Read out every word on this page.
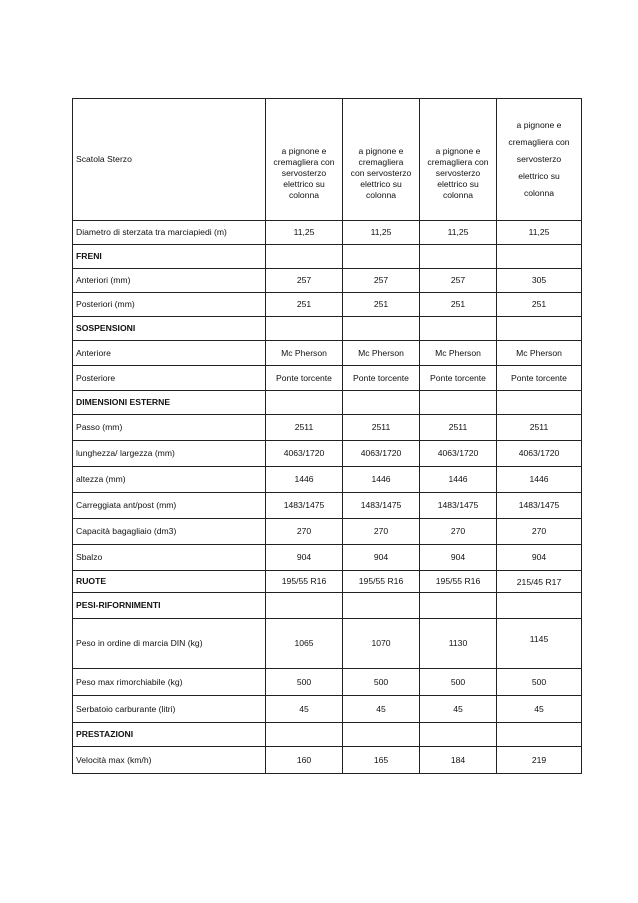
Scatola Sterzo	a pignone e
cremagliera con
servosterzo
elettrico su
colonna	a pignone e
cremagliera
con servosterzo
elettrico su
colonna	a pignone e
cremagliera con
servosterzo
elettrico su
colonna	a pignone e
cremagliera con
servosterzo
elettrico su
colonna
Diametro di sterzata tra marciapiedi (m)	11,25	11,25	11,25	11,25
FRENI				
Anteriori (mm)	257	257	257	305
Posteriori (mm)	251	251	251	251
SOSPENSIONI				
Anteriore	Mc Pherson	Mc Pherson	Mc Pherson	Mc Pherson
Posteriore	Ponte torcente	Ponte torcente	Ponte torcente	Ponte torcente
DIMENSIONI ESTERNE				
Passo (mm)	2511	2511	2511	2511
lunghezza/ largezza (mm)	4063/1720	4063/1720	4063/1720	4063/1720
altezza (mm)	1446	1446	1446	1446
Carreggiata ant/post (mm)	1483/1475	1483/1475	1483/1475	1483/1475
Capacità bagagliaio (dm3)	270	270	270	270
Sbalzo	904	904	904	904
RUOTE	195/55 R16	195/55 R16	195/55 R16	215/45 R17
PESI-RIFORNIMENTI				
Peso in ordine di marcia DIN (kg)	1065	1070	1130	1145
Peso max rimorchiabile (kg)	500	500	500	500
Serbatoio carburante (litri)	45	45	45	45
PRESTAZIONI				
Velocità max (km/h)	160	165	184	219
